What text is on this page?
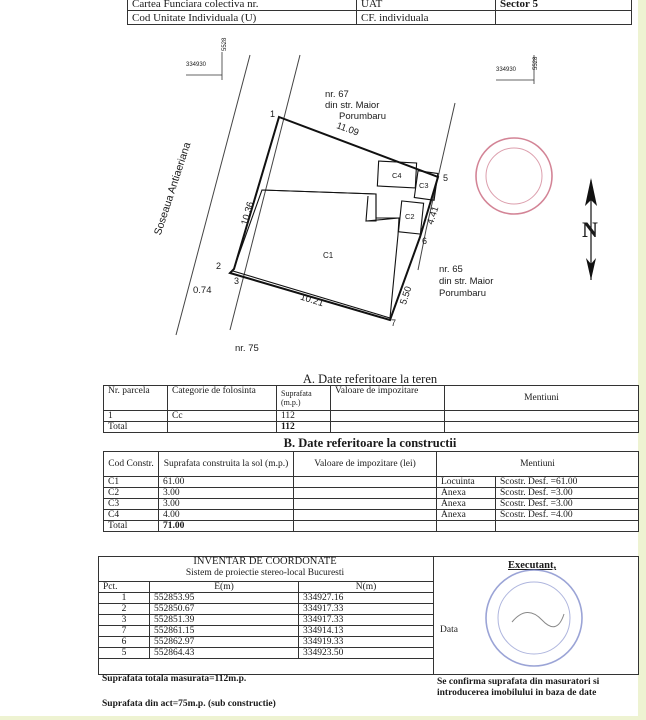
Cartea Funciara colectiva nr.	UAT	Sector 5
Cod Unitate Individuala (U)	CF. individuala	
334930
5528
334930	5528
nr. 67
din str. Maior
Porumbaru
nr. 65
din str. Maior
Porumbaru
Soseaua Antiaeriana
nr. 75
N
11.09
10.36	4.41
5.50
10.21
0.74
1
2
3
5
6
7
C1
C2
C3
C4
A. Date referitoare la teren
Nr. parcela	Categorie de folosinta	Suprafata (m.p.)	Valoare de impozitare	Mentiuni
1	Cc	112		
Total		112		
B. Date referitoare la constructii
Cod Constr.	Suprafata construita la sol (m.p.)	Valoare de impozitare (lei)	Mentiuni	
C1	61.00		Locuinta	Scostr. Desf. =61.00
C2	3.00		Anexa	Scostr. Desf. =3.00
C3	3.00		Anexa	Scostr. Desf. =3.00
C4	4.00		Anexa	Scostr. Desf. =4.00
Total	71.00			
INVENTAR DE COORDONATE
Sistem de proiectie stereo-local Bucuresti
Pct.	E(m)	N(m)
1	552853.95	334927.16
2	552850.67	334917.33
3	552851.39	334917.33
7	552861.15	334914.13
6	552862.97	334919.33
5	552864.43	334923.50
Suprafata totala masurata=112m.p.
Suprafata din act=75m.p. (sub constructie)
Executant,
Data
Se confirma suprafata din masuratori si introducerea imobilului in baza de date
